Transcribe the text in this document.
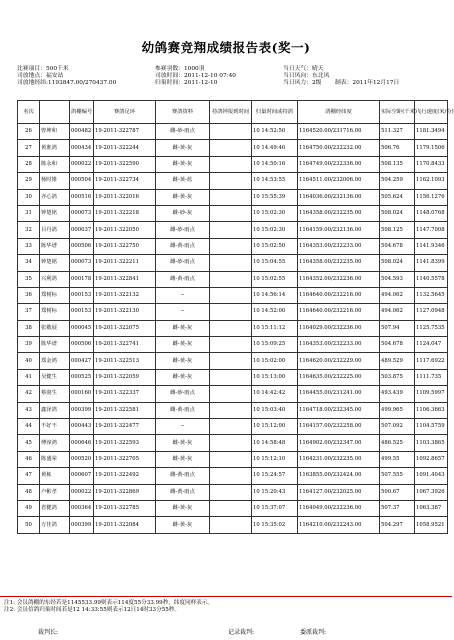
幼鸽赛竞翔成绩报告表(奖一)
比赛项目：500千米
司放地点：福安站
司放地经纬:1193847.00/270437.00
参赛羽数：1000羽
司放时间：2011-12-10 07:40
归巢时间：2011-12-10
当日天气：晴天
当日风向：东北风
当日风力：2级 制表：2011年12月17日
名次		鸽棚编号	赛鸽足环	赛鸽资料	持鸽钟报到时间	归巢时间或持鸽	鸽棚经纬度	实际空距(千米)	飞行速度(米/分)
26	曾坤和	000482	19-2011-322787	雌-砂-雨点		10 14:52:50	1164520.00/231716.00	511.327	1181.3494
27	黄淮鸿	000434	19-2011-322244	雌-黄-灰		10 14:49:46	1164750.00/232232.00	506.76	1179.1506
28	陈永和	000022	19-2011-322590	雌-黄-灰		10 14:50:16	1164749.00/232336.00	508.135	1170.8433
29	杨时锥	000504	19-2011-322734	雌-黄-蓝		10 14:53:55	1164511.00/232006.00	504.259	1162.1093
30	齐心鸽	000516	19-2011-322016	雌-黄-灰		10 15:55:39	1164036.00/232136.00	505.624	1156.1276
31	钟楚铭	000073	19-2011-322218	雌-砂-灰		10 15:02:30	1164358.00/232235.00	508.024	1148.0768
32	目丹鸽	000037	19-2011-322050	雌-砂-雨点		10 15:02:30	1164159.00/232136.00	508.125	1147.7008
33	陈华谱	000506	19-2011-322750	雌-黄-雨点		10 15:02:50	1164353.00/232233.00	504.678	1141.9346
34	钟楚铭	000073	19-2011-322211	雌-砂-雨点		10 15:04:55	1164358.00/232235.00	508.024	1141.8399
35	兴利鸽	000178	19-2011-322841	雌-黄-雨点		10 15:02:55	1164352.00/232236.00	504.593	1140.5578
36	郑树标	000153	19-2011-322132	--		10 14:56:14	1164640.00/232216.00	494.062	1132.5645
37	郑树标	000153	19-2011-322130	--		10 14:52:00	1164640.00/232216.00	494.062	1127.0948
38	张敬展	000045	19-2011-322075	雌-黄-灰		10 15:11:12	1164029.00/232236.00	507.94	1125.7535
39	陈华谱	000506	19-2011-322741	雌-黄-灰		10 15:09:25	1164353.00/232233.00	504.678	1124.047
40	郑金鸿	000427	19-2011-322513	雌-黄-灰		10 15:02:00	1164620.00/232229.00	489.529	1117.6922
41	吴健生	000525	19-2011-322059	雌-黄-灰		10 15:13:00	1164635.00/232225.00	503.875	1111.735
42	蔡润生	000160	19-2011-322337	雌-砂-雨点		10 14:42:42	1164455.00/231241.00	493.439	1109.5997
43	鑫泽鸽	000399	19-2011-322581	雌-黄-雨点		10 15:03:40	1164718.00/232345.00	499.965	1106.3663
44	不好不	000443	19-2011-322477	--		10 15:12:00	1164157.00/232258.00	507.092	1104.5759
45	傅淳鸿	000646	19-2011-322593	雌-黄-灰		10 14:58:48	1164902.00/232347.00	486.525	1103.3865
46	陈盛荣	000520	19-2011-322705	雌-黄-灰		10 15:12:10	1164231.00/232235.00	499.55	1092.8657
47	黄栋	000607	19-2011-322492	雌-黄-雨点		10 15:24:57	1163855.00/232424.00	507.555	1091.4043
48	卢彬孝	000022	19-2011-322869	雌-黄-雨点		10 15:20:43	1164127.00/232025.00	500.67	1067.3926
49	省健鸽	000364	19-2011-322785	雌-黄-灰		10 15:37:07	1164049.00/232236.00	507.37	1063.387
50	万佳鸽	000399	19-2011-322084	雌-黄-灰		10 15:35:02	1164210.00/232243.00	504.297	1058.9521
注1: 会员鸽棚的东经若是1145533.99则表示114度55分33.99秒，纬度同样表示。
注2: 会员信鸽归巢时间若是12 14:33:55则表示12日14时33分55秒。
裁判长:	记录裁判:	委派裁判:
